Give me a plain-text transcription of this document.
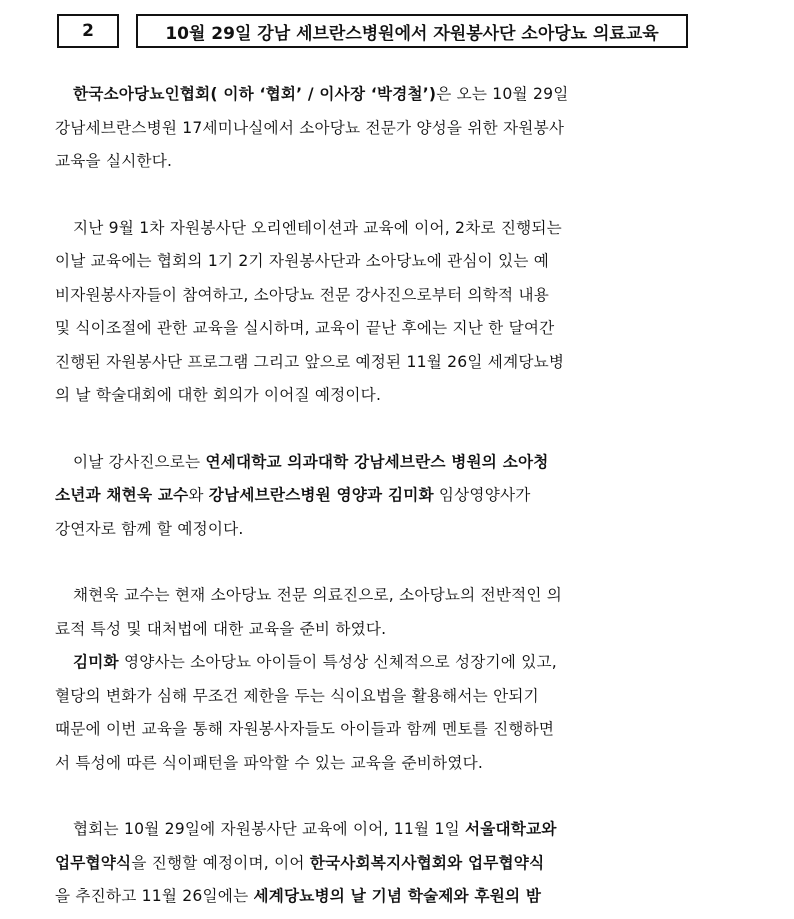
2	10월 29일 강남 세브란스병원에서 자원봉사단 소아당뇨 의료교육

한국소아당뇨인협회( 이하 ‘협회’ / 이사장 ‘박경철’)은 오는 10월 29일
강남세브란스병원 17세미나실에서 소아당뇨 전문가 양성을 위한 자원봉사
교육을 실시한다.

지난 9월 1차 자원봉사단 오리엔테이션과 교육에 이어, 2차로 진행되는
이날 교육에는 협회의 1기 2기 자원봉사단과 소아당뇨에 관심이 있는 예
비자원봉사자들이 참여하고, 소아당뇨 전문 강사진으로부터 의학적 내용
및 식이조절에 관한 교육을 실시하며, 교육이 끝난 후에는 지난 한 달여간
진행된 자원봉사단 프로그램 그리고 앞으로 예정된 11월 26일 세계당뇨병
의 날 학술대회에 대한 회의가 이어질 예정이다.

이날 강사진으로는 연세대학교 의과대학 강남세브란스 병원의 소아청
소년과 채현욱 교수와 강남세브란스병원 영양과 김미화 임상영양사가
강연자로 함께 할 예정이다.

채현욱 교수는 현재 소아당뇨 전문 의료진으로, 소아당뇨의 전반적인 의
료적 특성 및 대처법에 대한 교육을 준비 하였다.

김미화 영양사는 소아당뇨 아이들이 특성상 신체적으로 성장기에 있고,
혈당의 변화가 심해 무조건 제한을 두는 식이요법을 활용해서는 안되기
때문에 이번 교육을 통해 자원봉사자들도 아이들과 함께 멘토를 진행하면
서 특성에 따른 식이패턴을 파악할 수 있는 교육을 준비하였다.

협회는 10월 29일에 자원봉사단 교육에 이어, 11월 1일 서울대학교와
업무협약식을 진행할 예정이며, 이어 한국사회복지사협회와 업무협약식
을 추진하고 11월 26일에는 세계당뇨병의 날 기념 학술제와 후원의 밤
